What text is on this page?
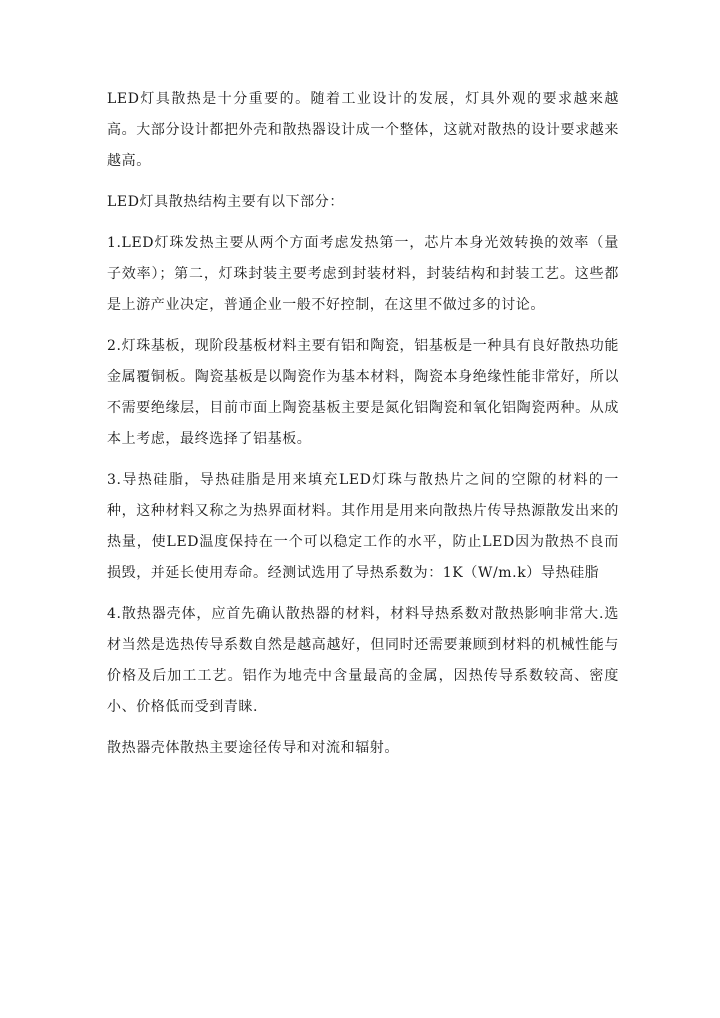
LED灯具散热是十分重要的。随着工业设计的发展，灯具外观的要求越来越高。大部分设计都把外壳和散热器设计成一个整体，这就对散热的设计要求越来越高。

LED灯具散热结构主要有以下部分：

1.LED灯珠发热主要从两个方面考虑发热第一，芯片本身光效转换的效率（量子效率）；第二，灯珠封装主要考虑到封装材料，封装结构和封装工艺。这些都是上游产业决定，普通企业一般不好控制，在这里不做过多的讨论。

2.灯珠基板，现阶段基板材料主要有铝和陶瓷，铝基板是一种具有良好散热功能金属覆铜板。陶瓷基板是以陶瓷作为基本材料，陶瓷本身绝缘性能非常好，所以不需要绝缘层，目前市面上陶瓷基板主要是氮化铝陶瓷和氧化铝陶瓷两种。从成本上考虑，最终选择了铝基板。

3.导热硅脂，导热硅脂是用来填充LED灯珠与散热片之间的空隙的材料的一种，这种材料又称之为热界面材料。其作用是用来向散热片传导热源散发出来的热量，使LED温度保持在一个可以稳定工作的水平，防止LED因为散热不良而损毁，并延长使用寿命。经测试选用了导热系数为：1K（W/m.k）导热硅脂

4.散热器壳体，应首先确认散热器的材料，材料导热系数对散热影响非常大.选材当然是选热传导系数自然是越高越好，但同时还需要兼顾到材料的机械性能与价格及后加工工艺。铝作为地壳中含量最高的金属，因热传导系数较高、密度小、价格低而受到青睐.

散热器壳体散热主要途径传导和对流和辐射。
